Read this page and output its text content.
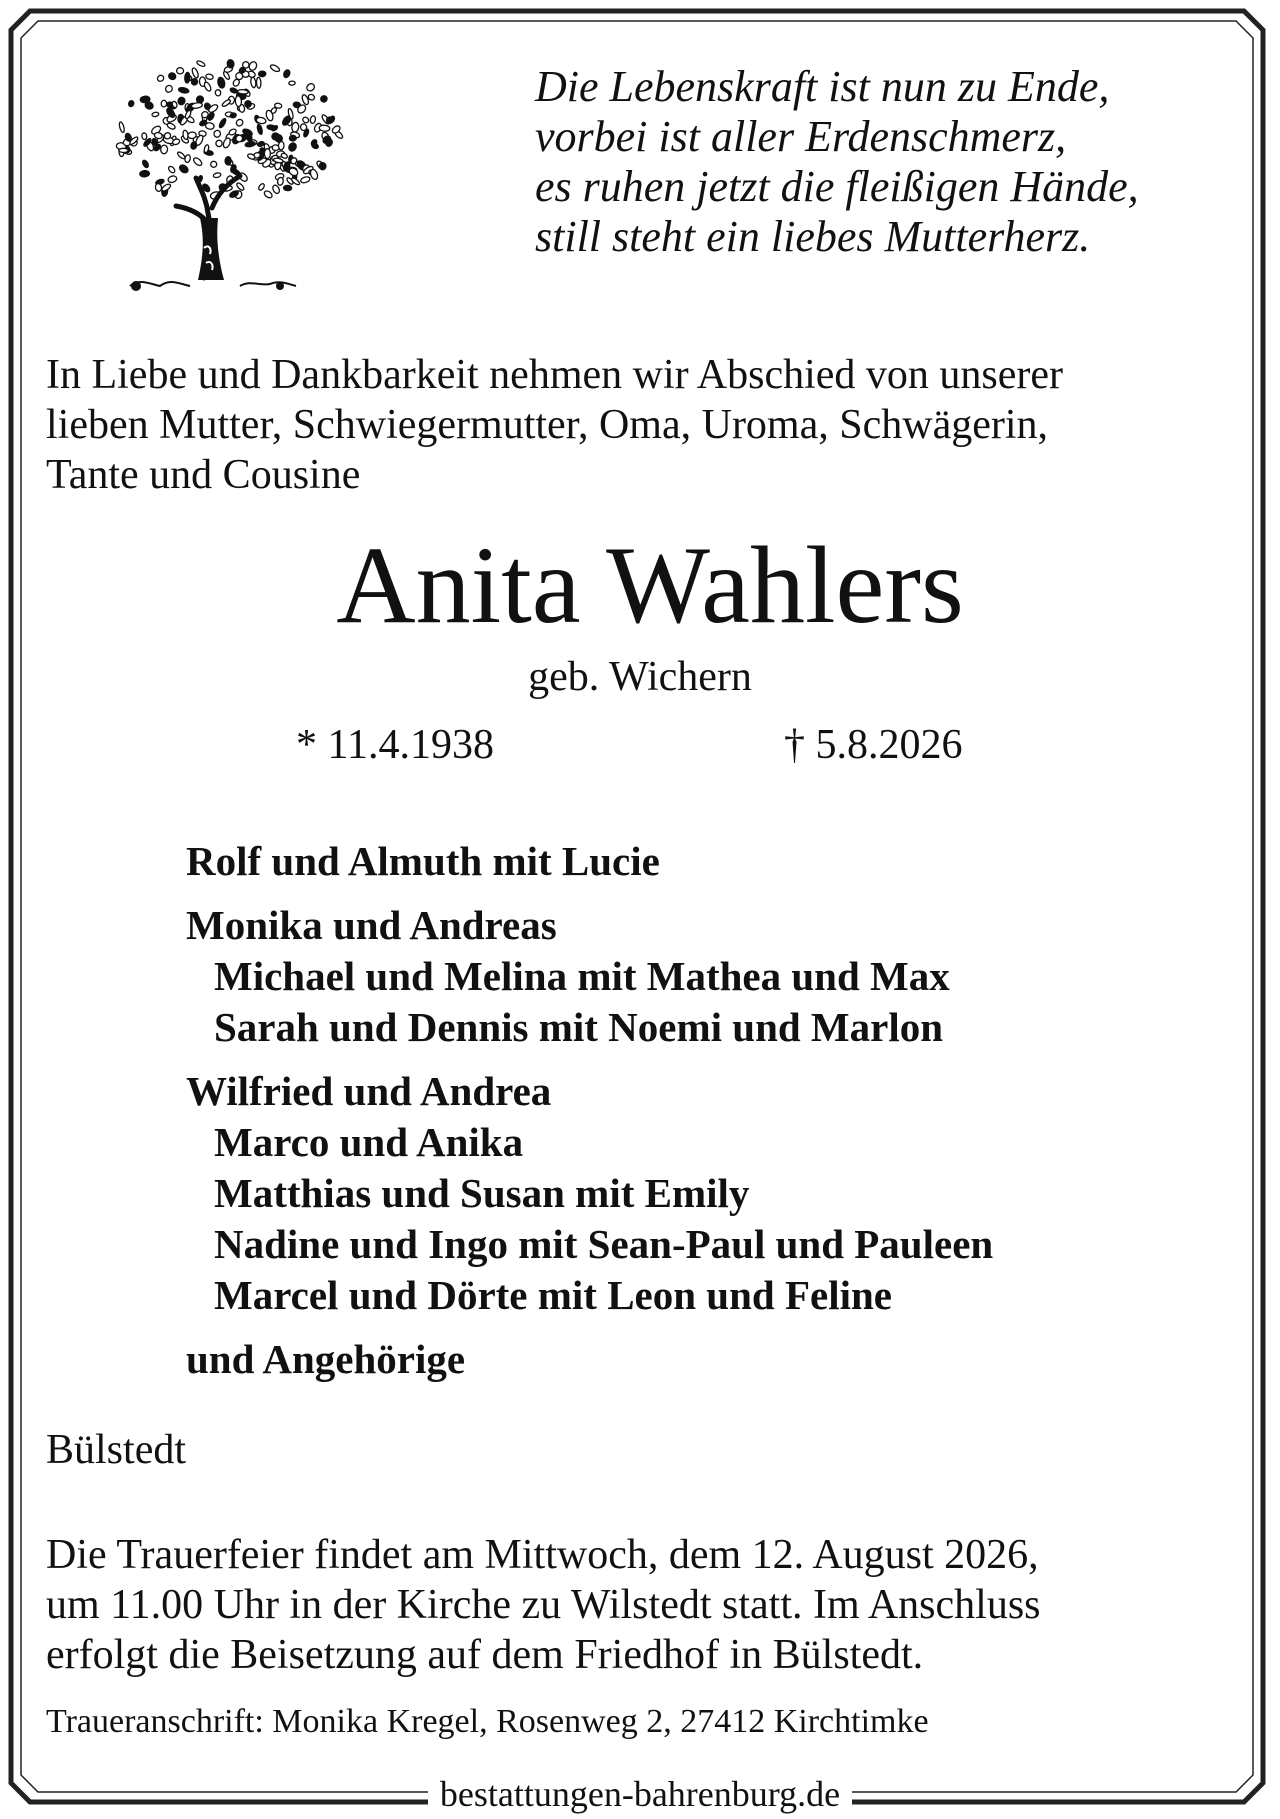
Die Lebenskraft ist nun zu Ende,
vorbei ist aller Erdenschmerz,
es ruhen jetzt die fleißigen Hände,
still steht ein liebes Mutterherz.
In Liebe und Dankbarkeit nehmen wir Abschied von unserer
lieben Mutter, Schwiegermutter, Oma, Uroma, Schwägerin,
Tante und Cousine
Anita Wahlers
geb. Wichern
* 11.4.1938	† 5.8.2026
Rolf und Almuth mit Lucie
Monika und Andreas
Michael und Melina mit Mathea und Max
Sarah und Dennis mit Noemi und Marlon
Wilfried und Andrea
Marco und Anika
Matthias und Susan mit Emily
Nadine und Ingo mit Sean-Paul und Pauleen
Marcel und Dörte mit Leon und Feline
und Angehörige
Bülstedt
Die Trauerfeier findet am Mittwoch, dem 12. August 2026,
um 11.00 Uhr in der Kirche zu Wilstedt statt. Im Anschluss
erfolgt die Beisetzung auf dem Friedhof in Bülstedt.
Traueranschrift: Monika Kregel, Rosenweg 2, 27412 Kirchtimke
bestattungen-bahrenburg.de
